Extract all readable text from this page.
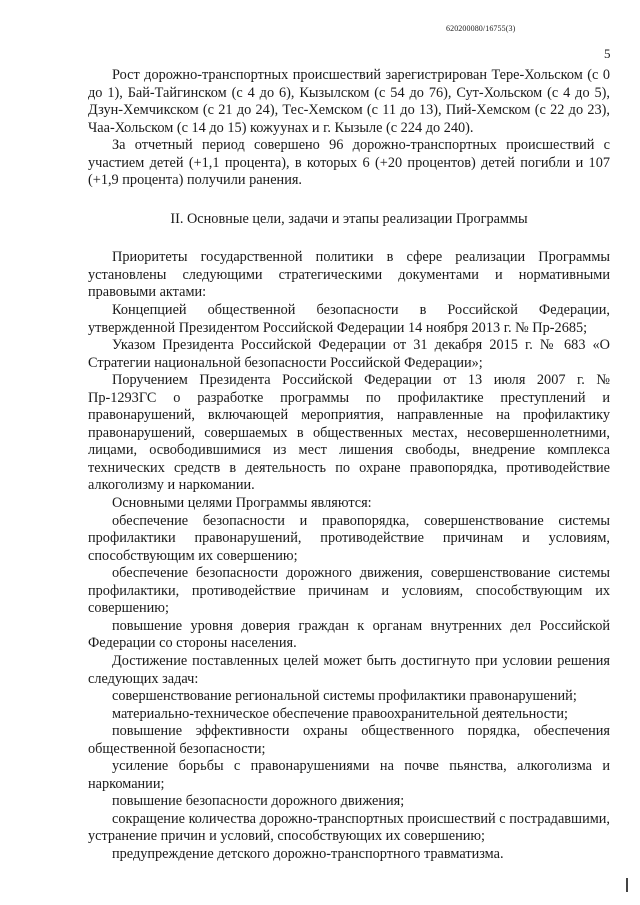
620200080/16755(3)
5

Рост дорожно-транспортных происшествий зарегистрирован Тере-Хольском (с 0 до 1), Бай-Тайгинском (с 4 до 6), Кызылском (с 54 до 76), Сут-Хольском (с 4 до 5), Дзун-Хемчикском (с 21 до 24), Тес-Хемском (с 11 до 13), Пий-Хемском (с 22 до 23), Чаа-Хольском (с 14 до 15) кожуунах и г. Кызыле (с 224 до 240).

За отчетный период совершено 96 дорожно-транспортных происшествий с участием детей (+1,1 процента), в которых 6 (+20 процентов) детей погибли и 107 (+1,9 процента) получили ранения.

II. Основные цели, задачи и этапы реализации Программы

Приоритеты государственной политики в сфере реализации Программы установлены следующими стратегическими документами и нормативными правовыми актами:

Концепцией общественной безопасности в Российской Федерации, утвержденной Президентом Российской Федерации 14 ноября 2013 г. № Пр-2685;

Указом Президента Российской Федерации от 31 декабря 2015 г. № 683 «О Стратегии национальной безопасности Российской Федерации»;

Поручением Президента Российской Федерации от 13 июля 2007 г. № Пр-1293ГС о разработке программы по профилактике преступлений и правонарушений, включающей мероприятия, направленные на профилактику правонарушений, совершаемых в общественных местах, несовершеннолетними, лицами, освободившимися из мест лишения свободы, внедрение комплекса технических средств в деятельность по охране правопорядка, противодействие алкоголизму и наркомании.

Основными целями Программы являются:

обеспечение безопасности и правопорядка, совершенствование системы профилактики правонарушений, противодействие причинам и условиям, способствующим их совершению;

обеспечение безопасности дорожного движения, совершенствование системы профилактики, противодействие причинам и условиям, способствующим их совершению;

повышение уровня доверия граждан к органам внутренних дел Российской Федерации со стороны населения.

Достижение поставленных целей может быть достигнуто при условии решения следующих задач:

совершенствование региональной системы профилактики правонарушений;

материально-техническое обеспечение правоохранительной деятельности;

повышение эффективности охраны общественного порядка, обеспечения общественной безопасности;

усиление борьбы с правонарушениями на почве пьянства, алкоголизма и наркомании;

повышение безопасности дорожного движения;

сокращение количества дорожно-транспортных происшествий с пострадавшими, устранение причин и условий, способствующих их совершению;

предупреждение детского дорожно-транспортного травматизма.
